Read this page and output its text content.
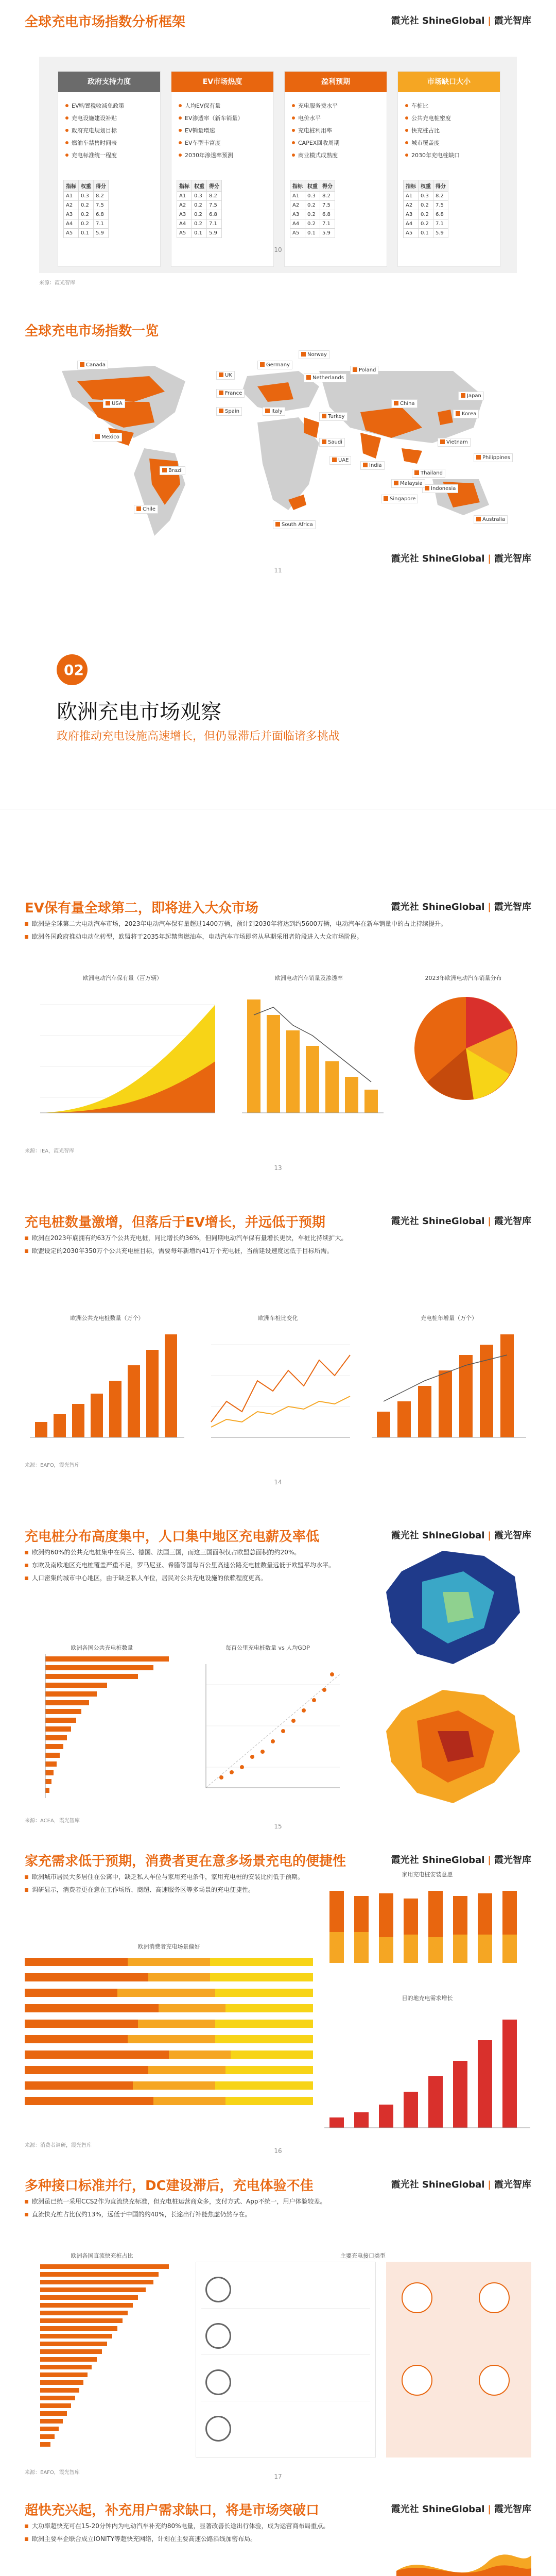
全球充电市场指数分析框架	霞光社 ShineGlobal | 霞光智库
政府支持力度
EV购置税收减免政策
充电设施建设补贴
政府充电规划目标
燃油车禁售时间表
充电标准统一程度
指标	权重	得分
A1	0.3	8.2
A2	0.2	7.5
A3	0.2	6.8
A4	0.2	7.1
A5	0.1	5.9
EV市场热度
人均EV保有量
EV渗透率（新车销量）
EV销量增速
EV车型丰富度
2030年渗透率预测
指标	权重	得分
A1	0.3	8.2
A2	0.2	7.5
A3	0.2	6.8
A4	0.2	7.1
A5	0.1	5.9
盈利预期
充电服务费水平
电价水平
充电桩利用率
CAPEX回收周期
商业模式成熟度
指标	权重	得分
A1	0.3	8.2
A2	0.2	7.5
A3	0.2	6.8
A4	0.2	7.1
A5	0.1	5.9
市场缺口大小
车桩比
公共充电桩密度
快充桩占比
城市覆盖度
2030年充电桩缺口
指标	权重	得分
A1	0.3	8.2
A2	0.2	7.5
A3	0.2	6.8
A4	0.2	7.1
A5	0.1	5.9
来源：霞光智库
10
全球充电市场指数一览
Canada
USA
Mexico
Brazil
Chile
UK
Germany
France
Spain	Italy
Norway
Netherlands
Saudi
UAE
India
China
Japan
Korea
Thailand
Indonesia
Singapore
Australia
South Africa
Turkey
Poland
Vietnam
Philippines
Malaysia
霞光社 ShineGlobal | 霞光智库
11
02
欧洲充电市场观察
政府推动充电设施高速增长，但仍显滞后并面临诸多挑战
EV保有量全球第二，即将进入大众市场	霞光社 ShineGlobal | 霞光智库

欧洲是全球第二大电动汽车市场，2023年电动汽车保有量超过1400万辆，预计到2030年将达到约5600万辆，电动汽车在新车销量中的占比持续提升。

欧洲各国政府推动电动化转型，欧盟将于2035年起禁售燃油车，电动汽车市场即将从早期采用者阶段进入大众市场阶段。

欧洲电动汽车保有量（百万辆）	欧洲电动汽车销量及渗透率	2023年欧洲电动汽车销量分布
来源：IEA，霞光智库
13
充电桩数量激增，但落后于EV增长，并远低于预期	霞光社 ShineGlobal | 霞光智库

欧洲在2023年底拥有约63万个公共充电桩，同比增长约36%，但同期电动汽车保有量增长更快，车桩比持续扩大。

欧盟设定的2030年350万个公共充电桩目标，需要每年新增约41万个充电桩，当前建设速度远低于目标所需。

欧洲公共充电桩数量（万个）	欧洲车桩比变化	充电桩年增量（万个）
来源：EAFO，霞光智库
14
充电桩分布高度集中，人口集中地区充电薪及率低	霞光社 ShineGlobal | 霞光智库

欧洲约60%的公共充电桩集中在荷兰、德国、法国三国，而这三国面积仅占欧盟总面积的约20%。

东欧及南欧地区充电桩覆盖严重不足，罗马尼亚、希腊等国每百公里高速公路充电桩数量远低于欧盟平均水平。

人口密集的城市中心地区，由于缺乏私人车位，居民对公共充电设施的依赖程度更高。

欧洲各国公共充电桩数量	每百公里充电桩数量 vs 人均GDP
来源：ACEA，霞光智库
15
家充需求低于预期，消费者更在意多场景充电的便捷性	霞光社 ShineGlobal | 霞光智库

欧洲城市居民大多居住在公寓中，缺乏私人车位与家用充电条件，家用充电桩的安装比例低于预期。

调研显示，消费者更在意在工作场所、商超、高速服务区等多场景的充电便捷性。

欧洲消费者充电场景偏好
家用充电桩安装意愿
目的地充电需求增长
来源：消费者调研，霞光智库
16
多种接口标准并行，DC建设滞后，充电体验不佳	霞光社 ShineGlobal | 霞光智库

欧洲虽已统一采用CCS2作为直流快充标准，但充电桩运营商众多，支付方式、App不统一，用户体验较差。

直流快充桩占比仅约13%，远低于中国的约40%，长途出行补能焦虑仍然存在。

欧洲各国直流快充桩占比	主要充电接口类型
来源：EAFO，霞光智库
17
超快充兴起，补充用户需求缺口，将是市场突破口	霞光社 ShineGlobal | 霞光智库

大功率超快充可在15-20分钟内为电动汽车补充约80%电量，显著改善长途出行体验，成为运营商布局重点。

欧洲主要车企联合成立IONITY等超快充网络，计划在主要高速公路沿线加密布局。
